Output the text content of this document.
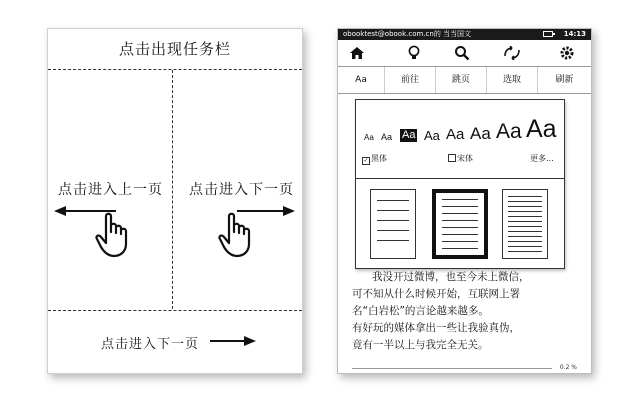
点击出现任务栏
点击进入上一页 点击进入下一页
点击进入下一页
obooktest@obook.com.cn的 当当国文	14:13
Aa	前往	跳页	选取	刷新
Aa Aa Aa Aa Aa Aa Aa Aa
✓ 黑体	宋体	更多...
我没开过微博，也至今未上微信，
可不知从什么时候开始，互联网上署
名“白岩松”的言论越来越多。
有好玩的媒体拿出一些让我验真伪，
竟有一半以上与我完全无关。
0.2 %
